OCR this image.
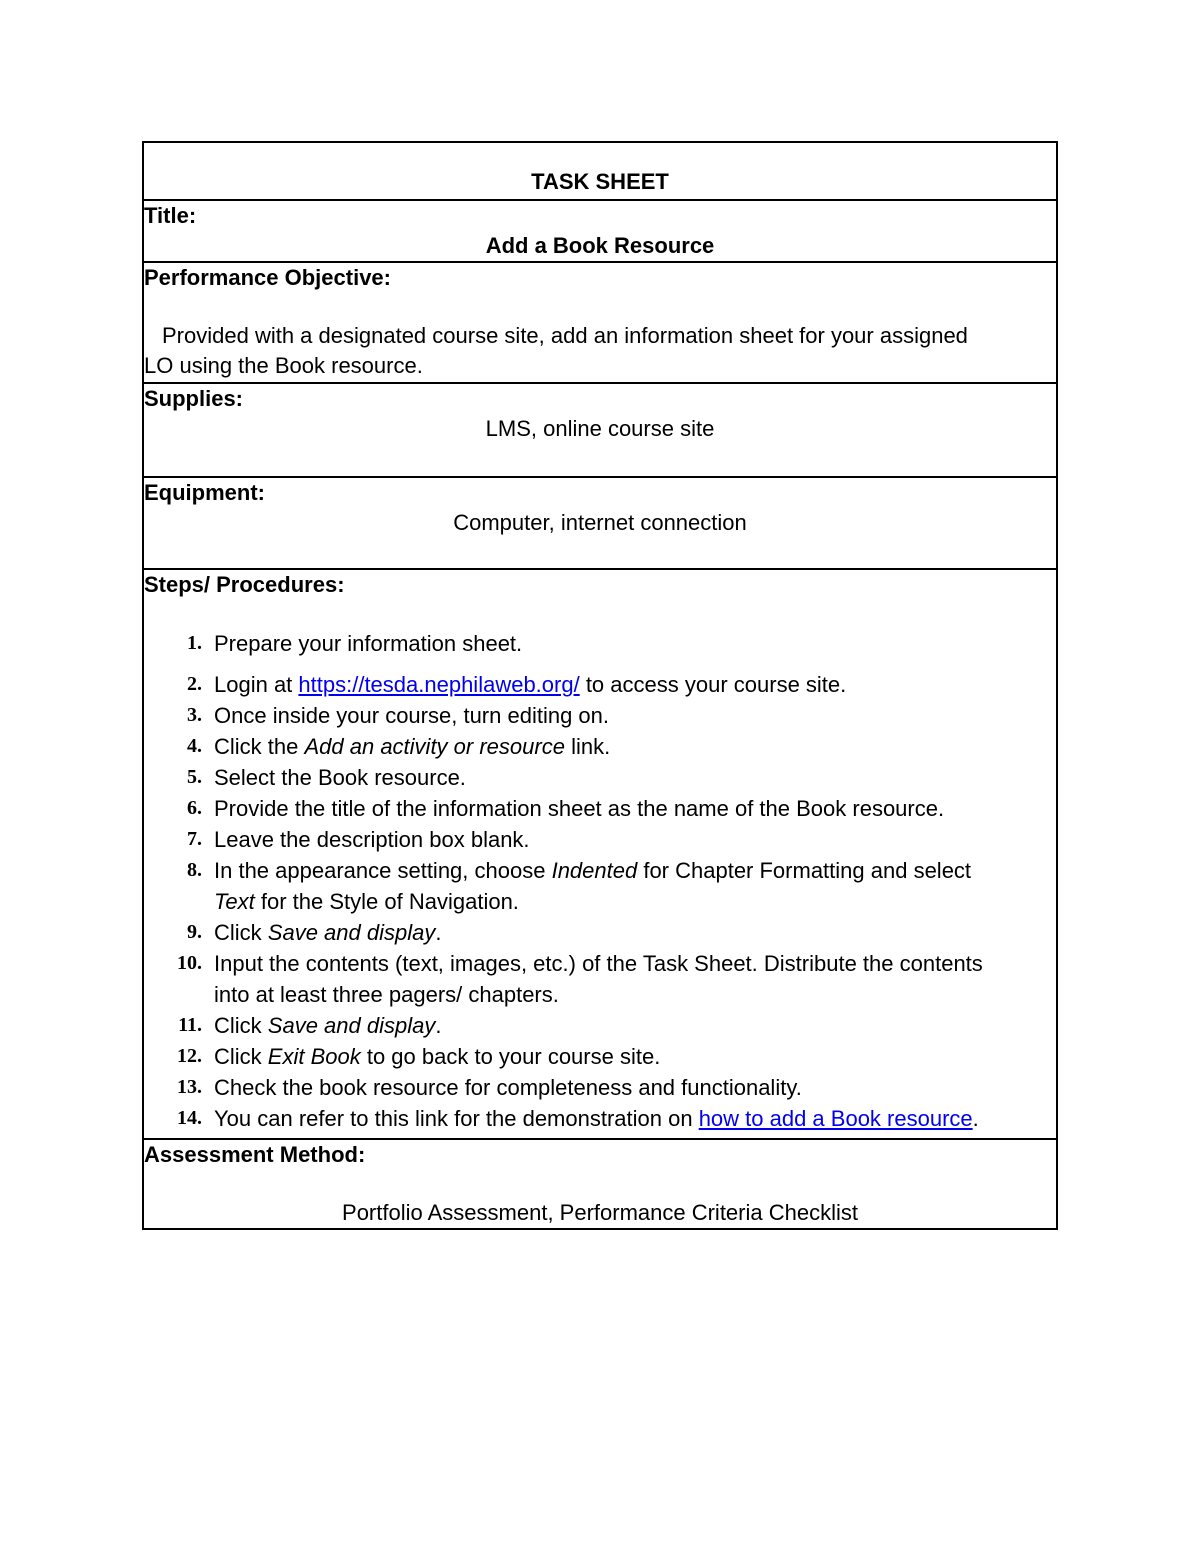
TASK SHEET
Title:
Add a Book Resource
Performance Objective:
Provided with a designated course site, add an information sheet for your assigned
LO using the Book resource.
Supplies:
LMS, online course site
Equipment:
Computer, internet connection
Steps/ Procedures:
1. Prepare your information sheet.
2. Login at https://tesda.nephilaweb.org/ to access your course site.
3. Once inside your course, turn editing on.
4. Click the Add an activity or resource link.
5. Select the Book resource.
6. Provide the title of the information sheet as the name of the Book resource.
7. Leave the description box blank.
8. In the appearance setting, choose Indented for Chapter Formatting and select
Text for the Style of Navigation.
9. Click Save and display.
10. Input the contents (text, images, etc.) of the Task Sheet. Distribute the contents
into at least three pagers/ chapters.
11. Click Save and display.
12. Click Exit Book to go back to your course site.
13. Check the book resource for completeness and functionality.
14. You can refer to this link for the demonstration on how to add a Book resource.
Assessment Method:
Portfolio Assessment, Performance Criteria Checklist
